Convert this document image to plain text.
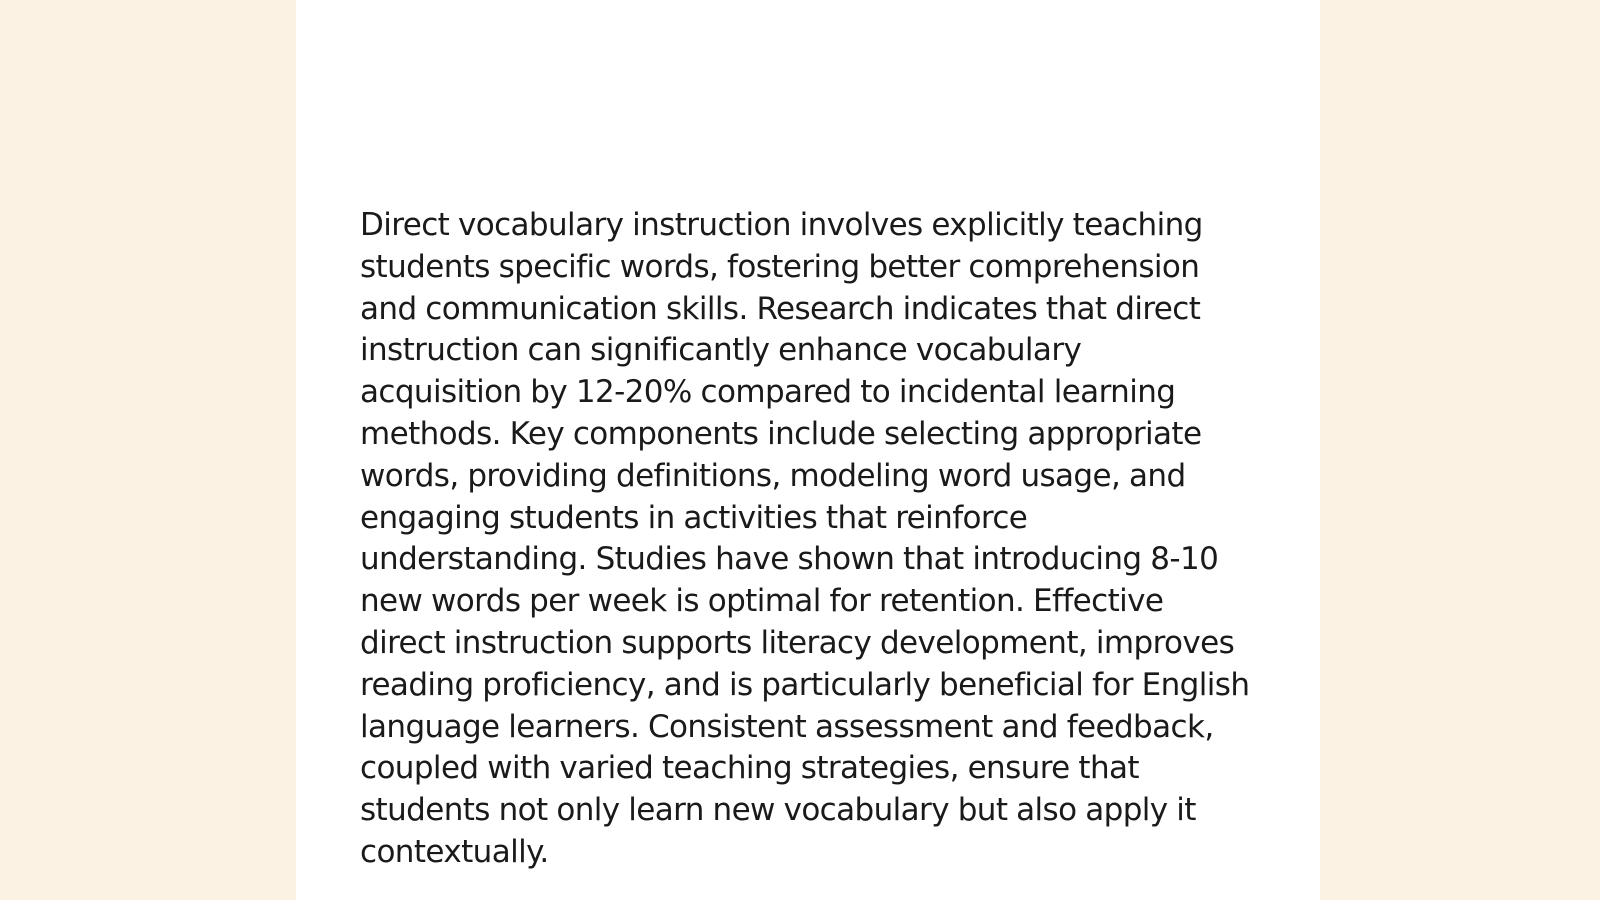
Direct vocabulary instruction involves explicitly teaching students specific words, fostering better comprehension and communication skills. Research indicates that direct instruction can significantly enhance vocabulary acquisition by 12-20% compared to incidental learning methods. Key components include selecting appropriate words, providing definitions, modeling word usage, and engaging students in activities that reinforce understanding. Studies have shown that introducing 8-10 new words per week is optimal for retention. Effective direct instruction supports literacy development, improves reading proficiency, and is particularly beneficial for English language learners. Consistent assessment and feedback, coupled with varied teaching strategies, ensure that students not only learn new vocabulary but also apply it contextually.
